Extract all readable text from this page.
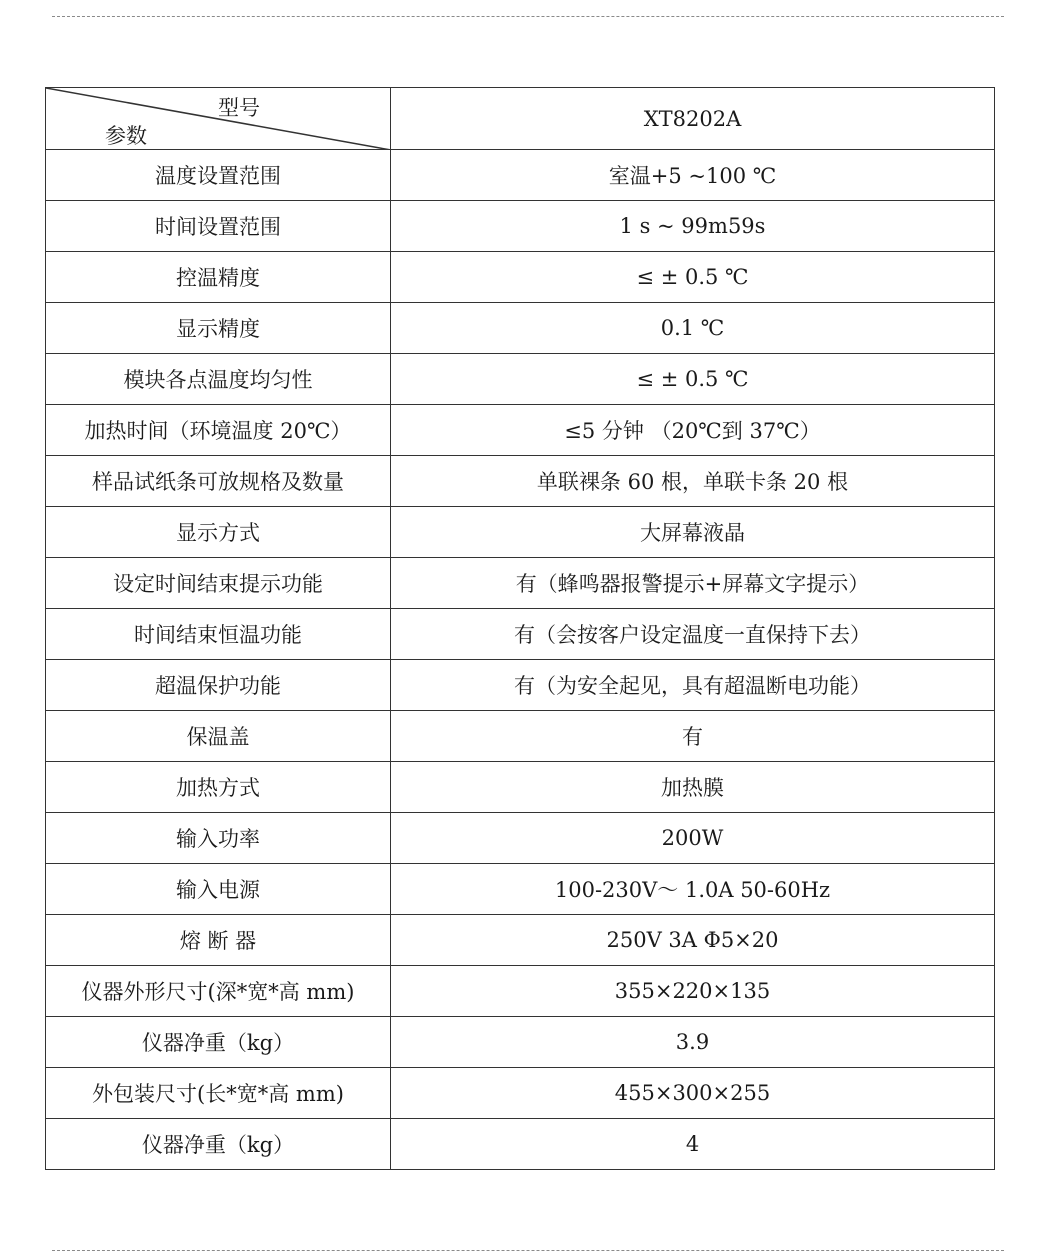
型号
参数	XT8202A
温度设置范围	室温+5 ~100 ℃
时间设置范围	1 s ~ 99m59s
控温精度	≤ ± 0.5 ℃
显示精度	0.1 ℃
模块各点温度均匀性	≤ ± 0.5 ℃
加热时间（环境温度 20℃）	≤5 分钟 （20℃到 37℃）
样品试纸条可放规格及数量	单联裸条 60 根，单联卡条 20 根
显示方式	大屏幕液晶
设定时间结束提示功能	有（蜂鸣器报警提示+屏幕文字提示）
时间结束恒温功能	有（会按客户设定温度一直保持下去）
超温保护功能	有（为安全起见，具有超温断电功能）
保温盖	有
加热方式	加热膜
输入功率	200W
输入电源	100-230V～ 1.0A 50-60Hz
熔 断 器	250V 3A Φ5×20
仪器外形尺寸(深*宽*高 mm)	355×220×135
仪器净重（kg）	3.9
外包装尺寸(长*宽*高 mm)	455×300×255
仪器净重（kg）	4
